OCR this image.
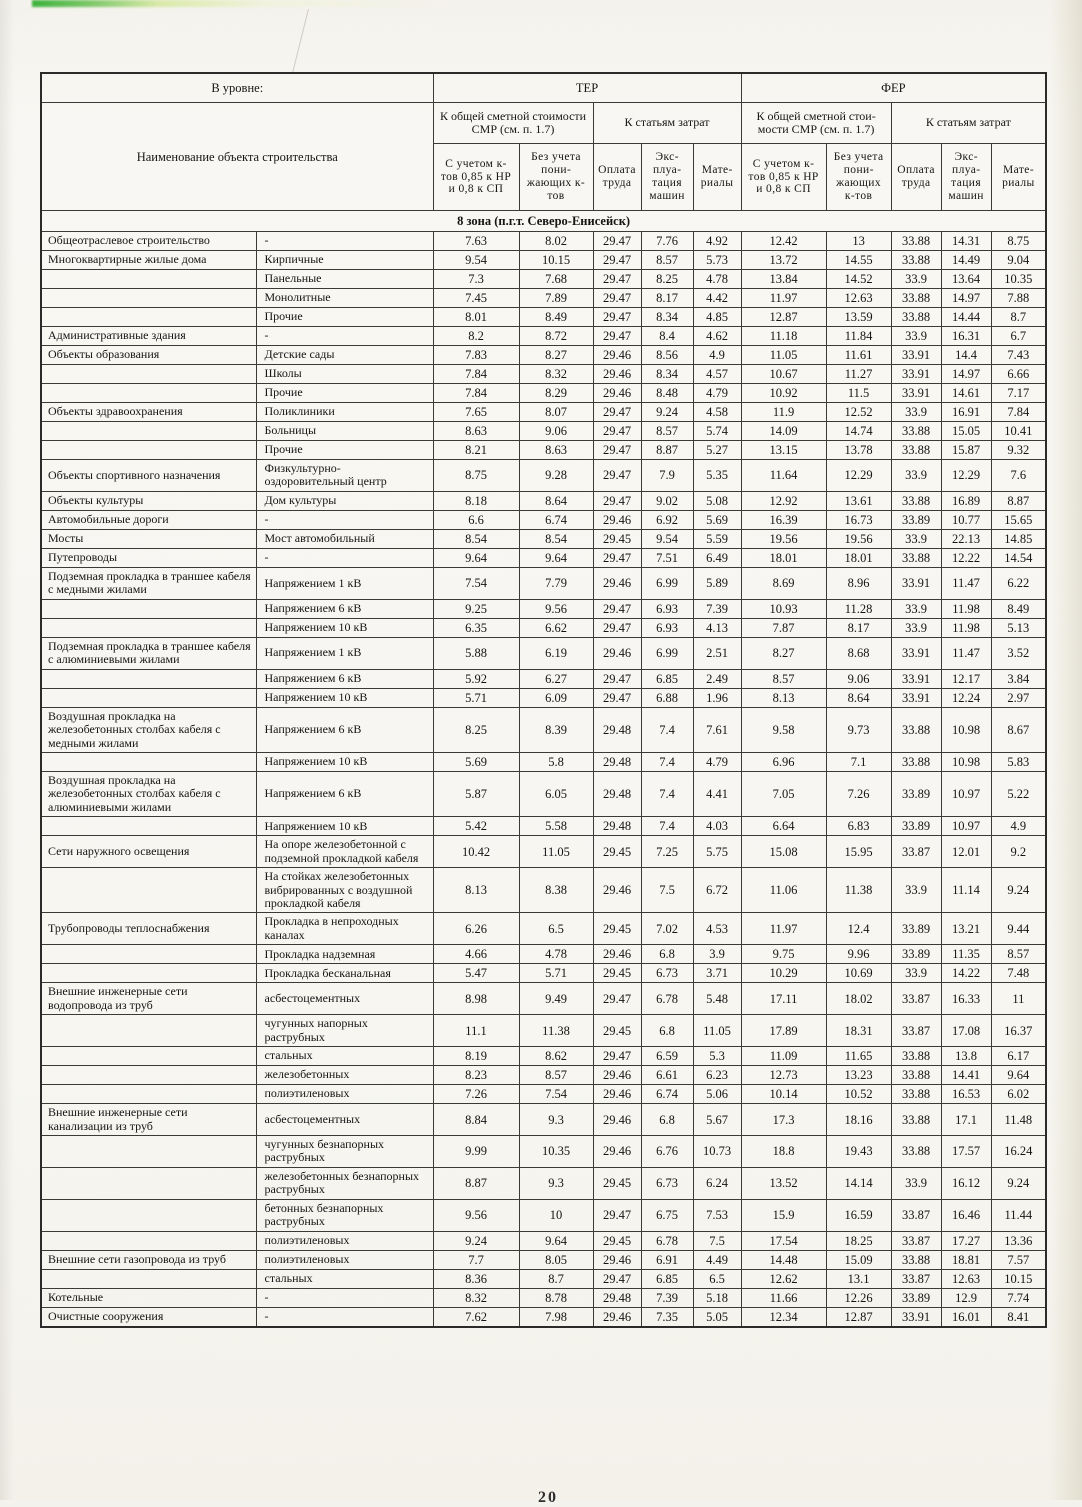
В уровне:		ТЕР					ФЕР				
Наименование объекта строительства		К общей сметной стоимости СМР (см. п. 1.7)		К статьям затрат			К общей сметной стоимости СМР (см. п. 1.7)		К статьям затрат		
		С учетом к-тов 0,85 к НР и 0,8 к СП	Без учета понижающих к-тов	Оплата труда	Эксплуатация машин	Материалы	С учетом к-тов 0,85 к НР и 0,8 к СП	Без учета понижающих к-тов	Оплата труда	Эксплуатация машин	Материалы
8 зона (п.г.т. Северо-Енисейск)											
Общеотраслевое строительство	-	7.63	8.02	29.47	7.76	4.92	12.42	13	33.88	14.31	8.75
Многоквартирные жилые дома	Кирпичные	9.54	10.15	29.47	8.57	5.73	13.72	14.55	33.88	14.49	9.04
	Панельные	7.3	7.68	29.47	8.25	4.78	13.84	14.52	33.9	13.64	10.35
	Монолитные	7.45	7.89	29.47	8.17	4.42	11.97	12.63	33.88	14.97	7.88
	Прочие	8.01	8.49	29.47	8.34	4.85	12.87	13.59	33.88	14.44	8.7
Административные здания	-	8.2	8.72	29.47	8.4	4.62	11.18	11.84	33.9	16.31	6.7
Объекты образования	Детские сады	7.83	8.27	29.46	8.56	4.9	11.05	11.61	33.91	14.4	7.43
	Школы	7.84	8.32	29.46	8.34	4.57	10.67	11.27	33.91	14.97	6.66
	Прочие	7.84	8.29	29.46	8.48	4.79	10.92	11.5	33.91	14.61	7.17
Объекты здравоохранения	Поликлиники	7.65	8.07	29.47	9.24	4.58	11.9	12.52	33.9	16.91	7.84
	Больницы	8.63	9.06	29.47	8.57	5.74	14.09	14.74	33.88	15.05	10.41
	Прочие	8.21	8.63	29.47	8.87	5.27	13.15	13.78	33.88	15.87	9.32
Объекты спортивного назначения	Физкультурно-оздоровительный центр	8.75	9.28	29.47	7.9	5.35	11.64	12.29	33.9	12.29	7.6
Объекты культуры	Дом культуры	8.18	8.64	29.47	9.02	5.08	12.92	13.61	33.88	16.89	8.87
Автомобильные дороги	-	6.6	6.74	29.46	6.92	5.69	16.39	16.73	33.89	10.77	15.65
Мосты	Мост автомобильный	8.54	8.54	29.45	9.54	5.59	19.56	19.56	33.9	22.13	14.85
Путепроводы	-	9.64	9.64	29.47	7.51	6.49	18.01	18.01	33.88	12.22	14.54
Подземная прокладка в траншее кабеля с медными жилами	Напряжением 1 кВ	7.54	7.79	29.46	6.99	5.89	8.69	8.96	33.91	11.47	6.22
	Напряжением 6 кВ	9.25	9.56	29.47	6.93	7.39	10.93	11.28	33.9	11.98	8.49
	Напряжением 10 кВ	6.35	6.62	29.47	6.93	4.13	7.87	8.17	33.9	11.98	5.13
Подземная прокладка в траншее кабеля с алюминиевыми жилами	Напряжением 1 кВ	5.88	6.19	29.46	6.99	2.51	8.27	8.68	33.91	11.47	3.52
	Напряжением 6 кВ	5.92	6.27	29.47	6.85	2.49	8.57	9.06	33.91	12.17	3.84
	Напряжением 10 кВ	5.71	6.09	29.47	6.88	1.96	8.13	8.64	33.91	12.24	2.97
Воздушная прокладка на железобетонных столбах кабеля с медными жилами	Напряжением 6 кВ	8.25	8.39	29.48	7.4	7.61	9.58	9.73	33.88	10.98	8.67
	Напряжением 10 кВ	5.69	5.8	29.48	7.4	4.79	6.96	7.1	33.88	10.98	5.83
Воздушная прокладка на железобетонных столбах кабеля с алюминиевыми жилами	Напряжением 6 кВ	5.87	6.05	29.48	7.4	4.41	7.05	7.26	33.89	10.97	5.22
	Напряжением 10 кВ	5.42	5.58	29.48	7.4	4.03	6.64	6.83	33.89	10.97	4.9
Сети наружного освещения	На опоре железобетонной с подземной прокладкой кабеля	10.42	11.05	29.45	7.25	5.75	15.08	15.95	33.87	12.01	9.2
	На стойках железобетонных вибрированных с воздушной прокладкой кабеля	8.13	8.38	29.46	7.5	6.72	11.06	11.38	33.9	11.14	9.24
Трубопроводы теплоснабжения	Прокладка в непроходных каналах	6.26	6.5	29.45	7.02	4.53	11.97	12.4	33.89	13.21	9.44
	Прокладка надземная	4.66	4.78	29.46	6.8	3.9	9.75	9.96	33.89	11.35	8.57
	Прокладка бесканальная	5.47	5.71	29.45	6.73	3.71	10.29	10.69	33.9	14.22	7.48
Внешние инженерные сети водопровода из труб	асбестоцементных	8.98	9.49	29.47	6.78	5.48	17.11	18.02	33.87	16.33	11
	чугунных напорных раструбных	11.1	11.38	29.45	6.8	11.05	17.89	18.31	33.87	17.08	16.37
	стальных	8.19	8.62	29.47	6.59	5.3	11.09	11.65	33.88	13.8	6.17
	железобетонных	8.23	8.57	29.46	6.61	6.23	12.73	13.23	33.88	14.41	9.64
	полиэтиленовых	7.26	7.54	29.46	6.74	5.06	10.14	10.52	33.88	16.53	6.02
Внешние инженерные сети канализации из труб	асбестоцементных	8.84	9.3	29.46	6.8	5.67	17.3	18.16	33.88	17.1	11.48
	чугунных безнапорных раструбных	9.99	10.35	29.46	6.76	10.73	18.8	19.43	33.88	17.57	16.24
	железобетонных безнапорных раструбных	8.87	9.3	29.45	6.73	6.24	13.52	14.14	33.9	16.12	9.24
	бетонных безнапорных раструбных	9.56	10	29.47	6.75	7.53	15.9	16.59	33.87	16.46	11.44
	полиэтиленовых	9.24	9.64	29.45	6.78	7.5	17.54	18.25	33.87	17.27	13.36
Внешние сети газопровода из труб	полиэтиленовых	7.7	8.05	29.46	6.91	4.49	14.48	15.09	33.88	18.81	7.57
	стальных	8.36	8.7	29.47	6.85	6.5	12.62	13.1	33.87	12.63	10.15
Котельные	-	8.32	8.78	29.48	7.39	5.18	11.66	12.26	33.89	12.9	7.74
Очистные сооружения	-	7.62	7.98	29.46	7.35	5.05	12.34	12.87	33.91	16.01	8.41
20
